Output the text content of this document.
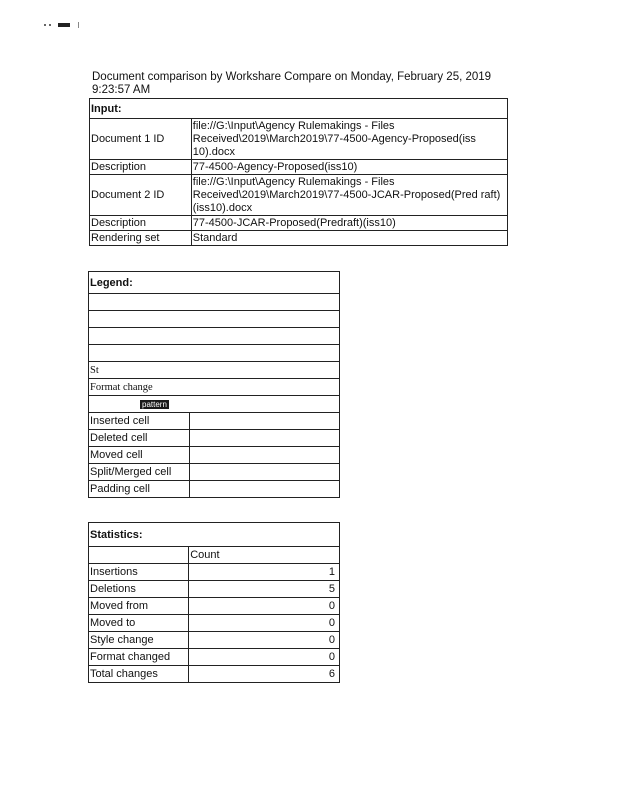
Document comparison by Workshare Compare on Monday, February 25, 2019 9:23:57 AM
Input:	
Document 1 ID	file://G:\Input\Agency Rulemakings - Files Received\2019\March2019\77-4500-Agency-Proposed(iss 10).docx
Description	77-4500-Agency-Proposed(iss10)
Document 2 ID	file://G:\Input\Agency Rulemakings - Files Received\2019\March2019\77-4500-JCAR-Proposed(Pred raft)(iss10).docx
Description	77-4500-JCAR-Proposed(Predraft)(iss10)
Rendering set	Standard
Legend:	

St	
Format change	
pattern	
Inserted cell	
Deleted cell	
Moved cell	
Split/Merged cell	
Padding cell	
Statistics:	
	Count
Insertions	1
Deletions	5
Moved from	0
Moved to	0
Style change	0
Format changed	0
Total changes	6
